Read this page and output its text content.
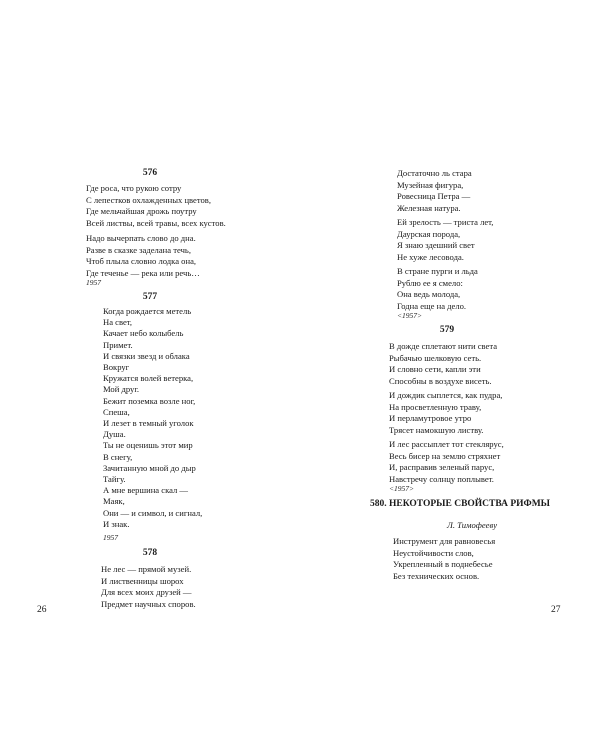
576
Где роса, что рукою сотру
С лепестков охлажденных цветов,
Где мельчайшая дрожь поутру
Всей листвы, всей травы, всех кустов.
Надо вычерпать слово до дна.
Разве в сказке заделана течь,
Чтоб плыла словно лодка она,
Где теченье — река или речь…
1957
577
Когда рождается метель
На свет,
Качает небо колыбель
Примет.
И связки звезд и облака
Вокруг
Кружатся волей ветерка,
Мой друг.
Бежит поземка возле ног,
Спеша,
И лезет в темный уголок
Душа.
Ты не оценишь этот мир
В снегу,
Зачитанную мной до дыр
Тайгу.
А мне вершина скал —
Маяк,
Они — и символ, и сигнал,
И знак.
1957
578
Не лес — прямой музей.
И лиственницы шорох
Для всех моих друзей —
Предмет научных споров.
26
Достаточно ль стара
Музейная фигура,
Ровесница Петра —
Железная натура.
Ей зрелость — триста лет,
Даурская порода,
Я знаю здешний свет
Не хуже лесовода.
В стране пурги и льда
Рублю ее я смело:
Она ведь молода,
Годна еще на дело.
<1957>
579
В дожде сплетают нити света
Рыбачью шелковую сеть.
И словно сети, капли эти
Способны в воздухе висеть.
И дождик сыплется, как пудра,
На просветленную траву,
И перламутровое утро
Трясет намокшую листву.
И лес рассыплет тот стеклярус,
Весь бисер на землю стряхнет
И, расправив зеленый парус,
Навстречу солнцу поплывет.
<1957>
580. НЕКОТОРЫЕ СВОЙСТВА РИФМЫ
Л. Тимофееву
Инструмент для равновесья
Неустойчивости слов,
Укрепленный в поднебесье
Без технических основ.
27
